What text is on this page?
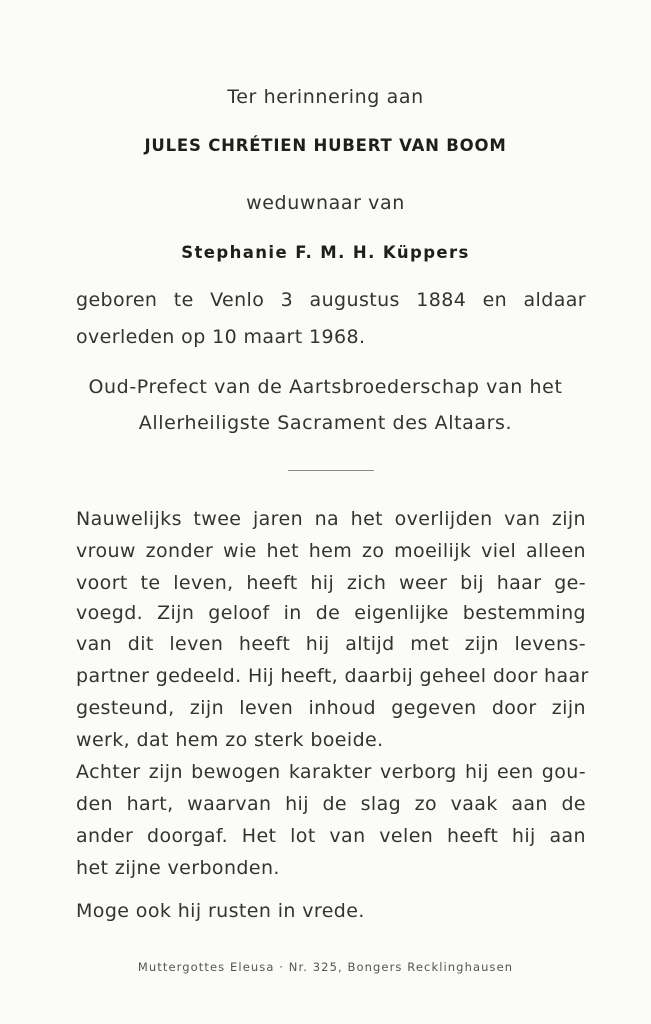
Ter herinnering aan
JULES CHRÉTIEN HUBERT VAN BOOM
weduwnaar van
Stephanie F. M. H. Küppers
geboren te Venlo 3 augustus 1884 en aldaar
overleden op 10 maart 1968.
Oud-Prefect van de Aartsbroederschap van het
Allerheiligste Sacrament des Altaars.
Nauwelijks twee jaren na het overlijden van zijn
vrouw zonder wie het hem zo moeilijk viel alleen
voort te leven, heeft hij zich weer bij haar ge-
voegd. Zijn geloof in de eigenlijke bestemming
van dit leven heeft hij altijd met zijn levens-
partner gedeeld. Hij heeft, daarbij geheel door haar
gesteund, zijn leven inhoud gegeven door zijn
werk, dat hem zo sterk boeide.
Achter zijn bewogen karakter verborg hij een gou-
den hart, waarvan hij de slag zo vaak aan de
ander doorgaf. Het lot van velen heeft hij aan
het zijne verbonden.
Moge ook hij rusten in vrede.
Muttergottes Eleusa · Nr. 325, Bongers Recklinghausen
